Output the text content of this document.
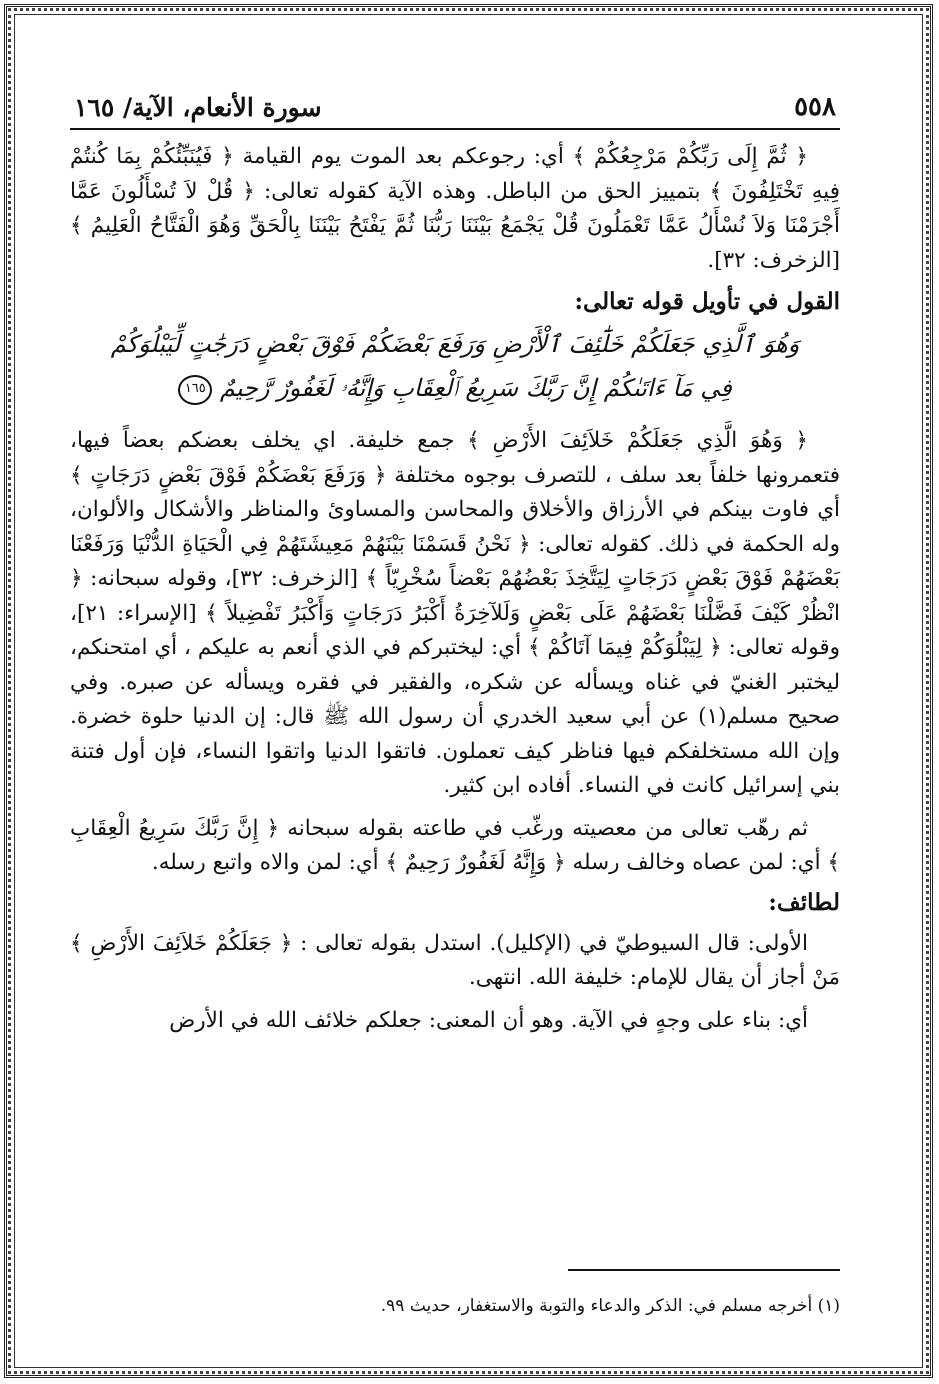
٥٥٨
سورة الأنعام، الآية/ ١٦٥

﴿ ثُمَّ إِلَى رَبِّكُمْ مَرْجِعُكُمْ ﴾ أي: رجوعكم بعد الموت يوم القيامة ﴿ فَيُنَبِّئُكُمْ بِمَا كُنتُمْ فِيهِ تَخْتَلِفُونَ ﴾ بتمييز الحق من الباطل. وهذه الآية كقوله تعالى: ﴿ قُلْ لاَ تُسْأَلُونَ عَمَّا أَجْرَمْنَا وَلاَ نُسْأَلُ عَمَّا تَعْمَلُونَ قُلْ يَجْمَعُ بَيْنَنَا رَبُّنَا ثُمَّ يَفْتَحُ بَيْنَنَا بِالْحَقِّ وَهُوَ الْفَتَّاحُ الْعَلِيمُ ﴾ [الزخرف: ٣٢].

القول في تأويل قوله تعالى:
وَهُوَ ٱلَّذِي جَعَلَكُمْ خَلَٰٓئِفَ ٱلْأَرْضِ وَرَفَعَ بَعْضَكُمْ فَوْقَ بَعْضٍ دَرَجَٰتٍ لِّيَبْلُوَكُمْ
فِي مَآ ءَاتَىٰكُمْ إِنَّ رَبَّكَ سَرِيعُ ٱلْعِقَابِ وَإِنَّهُۥ لَغَفُورٌ رَّحِيمٌ ١٦٥

﴿ وَهُوَ الَّذِي جَعَلَكُمْ خَلاَئِفَ الأَرْضِ ﴾ جمع خليفة. اي يخلف بعضكم بعضاً فيها، فتعمرونها خلفاً بعد سلف ، للتصرف بوجوه مختلفة ﴿ وَرَفَعَ بَعْضَكُمْ فَوْقَ بَعْضٍ دَرَجَاتٍ ﴾ أي فاوت بينكم في الأرزاق والأخلاق والمحاسن والمساوئ والمناظر والأشكال والألوان، وله الحكمة في ذلك. كقوله تعالى: ﴿ نَحْنُ قَسَمْنَا بَيْنَهُمْ مَعِيشَتَهُمْ فِي الْحَيَاةِ الدُّنْيَا وَرَفَعْنَا بَعْضَهُمْ فَوْقَ بَعْضٍ دَرَجَاتٍ لِيَتَّخِذَ بَعْضُهُمْ بَعْضاً سُخْرِيّاً ﴾ [الزخرف: ٣٢]، وقوله سبحانه: ﴿ انْظُرْ كَيْفَ فَضَّلْنَا بَعْضَهُمْ عَلَى بَعْضٍ وَلَلآخِرَةُ أَكْبَرُ دَرَجَاتٍ وَأَكْبَرُ تَفْضِيلاً ﴾ [الإسراء: ٢١]، وقوله تعالى: ﴿ لِيَبْلُوَكُمْ فِيمَا آتَاكُمْ ﴾ أي: ليختبركم في الذي أنعم به عليكم ، أي امتحنكم، ليختبر الغنيّ في غناه ويسأله عن شكره، والفقير في فقره ويسأله عن صبره. وفي صحيح مسلم(١) عن أبي سعيد الخدري أن رسول الله ﷺ قال: إن الدنيا حلوة خضرة. وإن الله مستخلفكم فيها فناظر كيف تعملون. فاتقوا الدنيا واتقوا النساء، فإن أول فتنة بني إسرائيل كانت في النساء. أفاده ابن كثير.

ثم رهّب تعالى من معصيته ورغّب في طاعته بقوله سبحانه ﴿ إِنَّ رَبَّكَ سَرِيعُ الْعِقَابِ ﴾ أي: لمن عصاه وخالف رسله ﴿ وَإِنَّهُ لَغَفُورٌ رَحِيمٌ ﴾ أي: لمن والاه واتبع رسله.

لطائف:

الأولى: قال السيوطيّ في (الإكليل). استدل بقوله تعالى : ﴿ جَعَلَكُمْ خَلاَئِفَ الأَرْضِ ﴾ مَنْ أجاز أن يقال للإمام: خليفة الله. انتهى.

أي: بناء على وجهٍ في الآية. وهو أن المعنى: جعلكم خلائف الله في الأرض

(١) أخرجه مسلم في: الذكر والدعاء والتوبة والاستغفار، حديث ٩٩.
